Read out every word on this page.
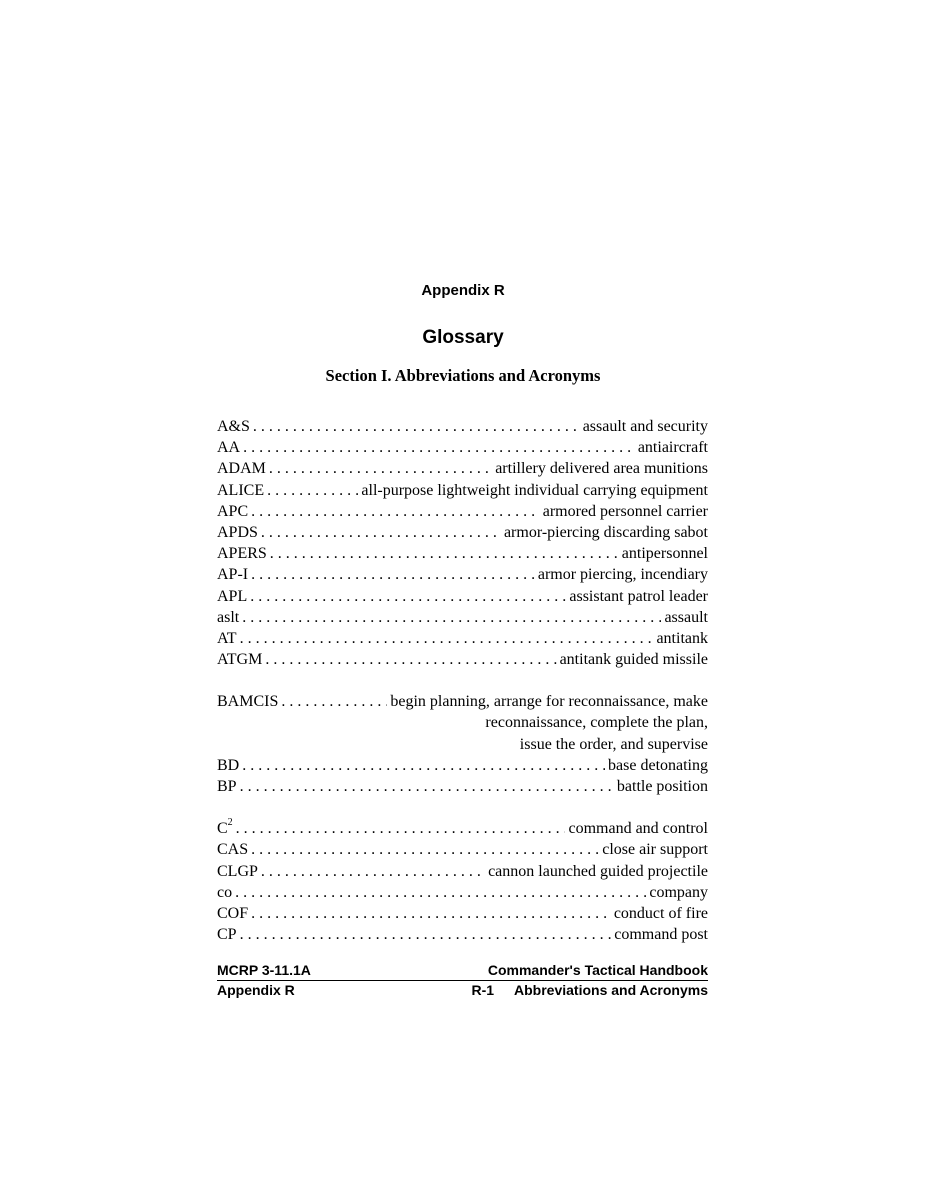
Appendix R
Glossary
Section I. Abbreviations and Acronyms
A&S . . .	assault and security
AA . . .	antiaircraft
ADAM . . .	artillery delivered area munitions
ALICE . . .	all-purpose lightweight individual carrying equipment
APC . . .	armored personnel carrier
APDS . . .	armor-piercing discarding sabot
APERS . . .	antipersonnel
AP-I . . .	armor piercing, incendiary
APL . . .	assistant patrol leader
aslt . . .	assault
AT . . .	antitank
ATGM . . .	antitank guided missile
BAMCIS . . .	begin planning, arrange for reconnaissance, make
reconnaissance, complete the plan,
issue the order, and supervise
BD . . .	base detonating
BP . . .	battle position
$C^2$ . . .	command and control
CAS . . .	close air support
CLGP . . .	cannon launched guided projectile
co . . .	company
COF . . .	conduct of fire
CP . . .	command post
MCRP 3-11.1A	Commander's Tactical Handbook
Appendix R	R-1 Abbreviations and Acronyms
